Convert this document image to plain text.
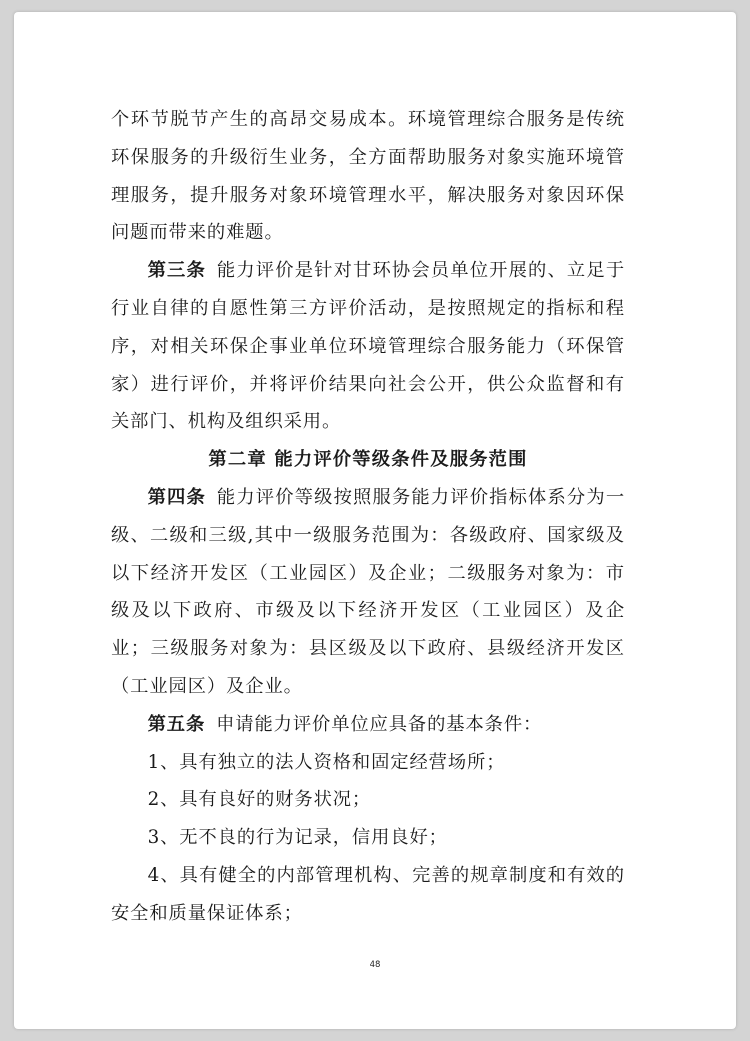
个环节脱节产生的高昂交易成本。环境管理综合服务是传统环保服务的升级衍生业务，全方面帮助服务对象实施环境管理服务，提升服务对象环境管理水平，解决服务对象因环保问题而带来的难题。

第三条 能力评价是针对甘环协会员单位开展的、立足于行业自律的自愿性第三方评价活动，是按照规定的指标和程序，对相关环保企事业单位环境管理综合服务能力（环保管家）进行评价，并将评价结果向社会公开，供公众监督和有关部门、机构及组织采用。

第二章 能力评价等级条件及服务范围

第四条 能力评价等级按照服务能力评价指标体系分为一级、二级和三级,其中一级服务范围为：各级政府、国家级及以下经济开发区（工业园区）及企业；二级服务对象为：市级及以下政府、市级及以下经济开发区（工业园区）及企业；三级服务对象为：县区级及以下政府、县级经济开发区（工业园区）及企业。

第五条 申请能力评价单位应具备的基本条件：

1、具有独立的法人资格和固定经营场所；

2、具有良好的财务状况；

3、无不良的行为记录，信用良好；

4、具有健全的内部管理机构、完善的规章制度和有效的安全和质量保证体系；

48
